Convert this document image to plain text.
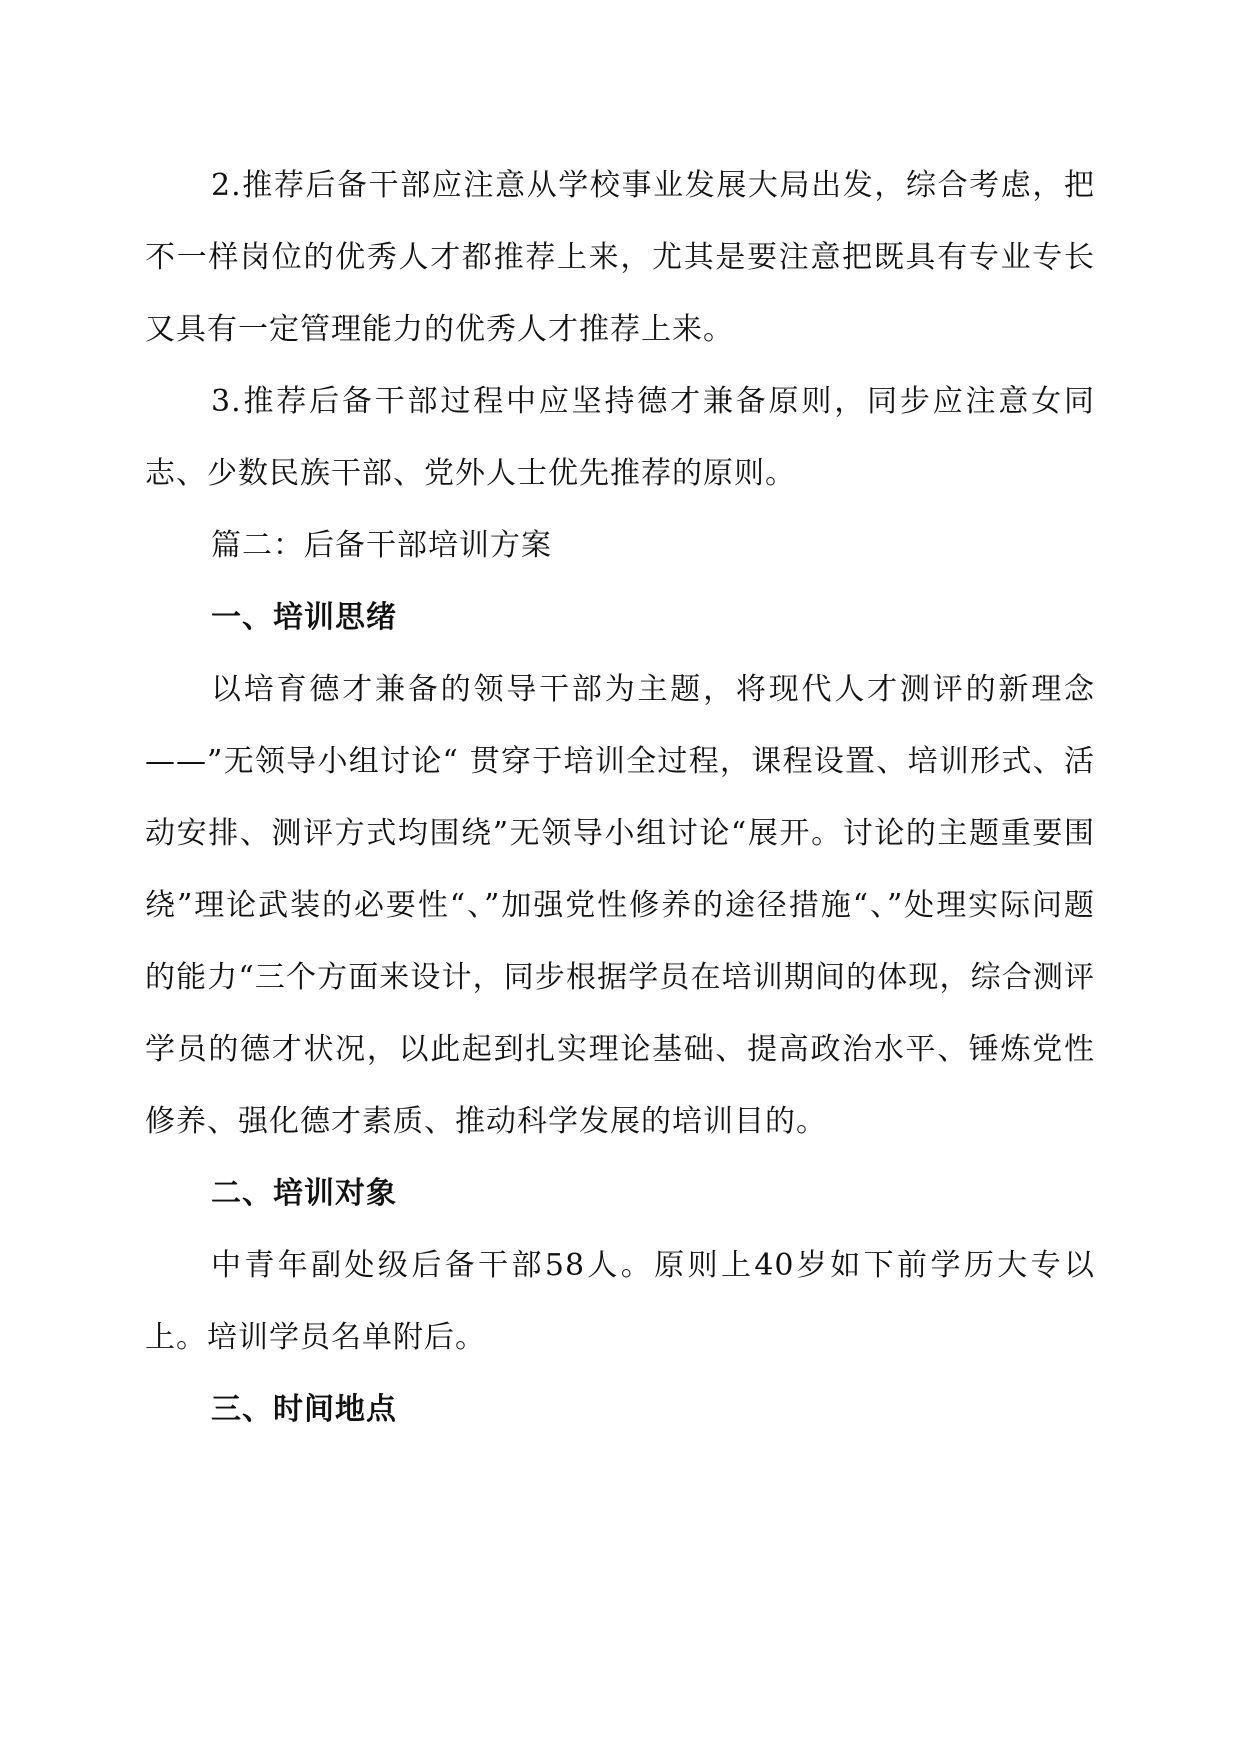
2.推荐后备干部应注意从学校事业发展大局出发，综合考虑，把不一样岗位的优秀人才都推荐上来，尤其是要注意把既具有专业专长又具有一定管理能力的优秀人才推荐上来。

3.推荐后备干部过程中应坚持德才兼备原则，同步应注意女同志、少数民族干部、党外人士优先推荐的原则。

篇二：后备干部培训方案

一、培训思绪

以培育德才兼备的领导干部为主题，将现代人才测评的新理念——”无领导小组讨论“ 贯穿于培训全过程，课程设置、培训形式、活动安排、测评方式均围绕”无领导小组讨论“展开。讨论的主题重要围绕”理论武装的必要性“、”加强党性修养的途径措施“、”处理实际问题的能力“三个方面来设计，同步根据学员在培训期间的体现，综合测评学员的德才状况，以此起到扎实理论基础、提高政治水平、锤炼党性修养、强化德才素质、推动科学发展的培训目的。

二、培训对象

中青年副处级后备干部58人。原则上40岁如下前学历大专以上。培训学员名单附后。

三、时间地点
